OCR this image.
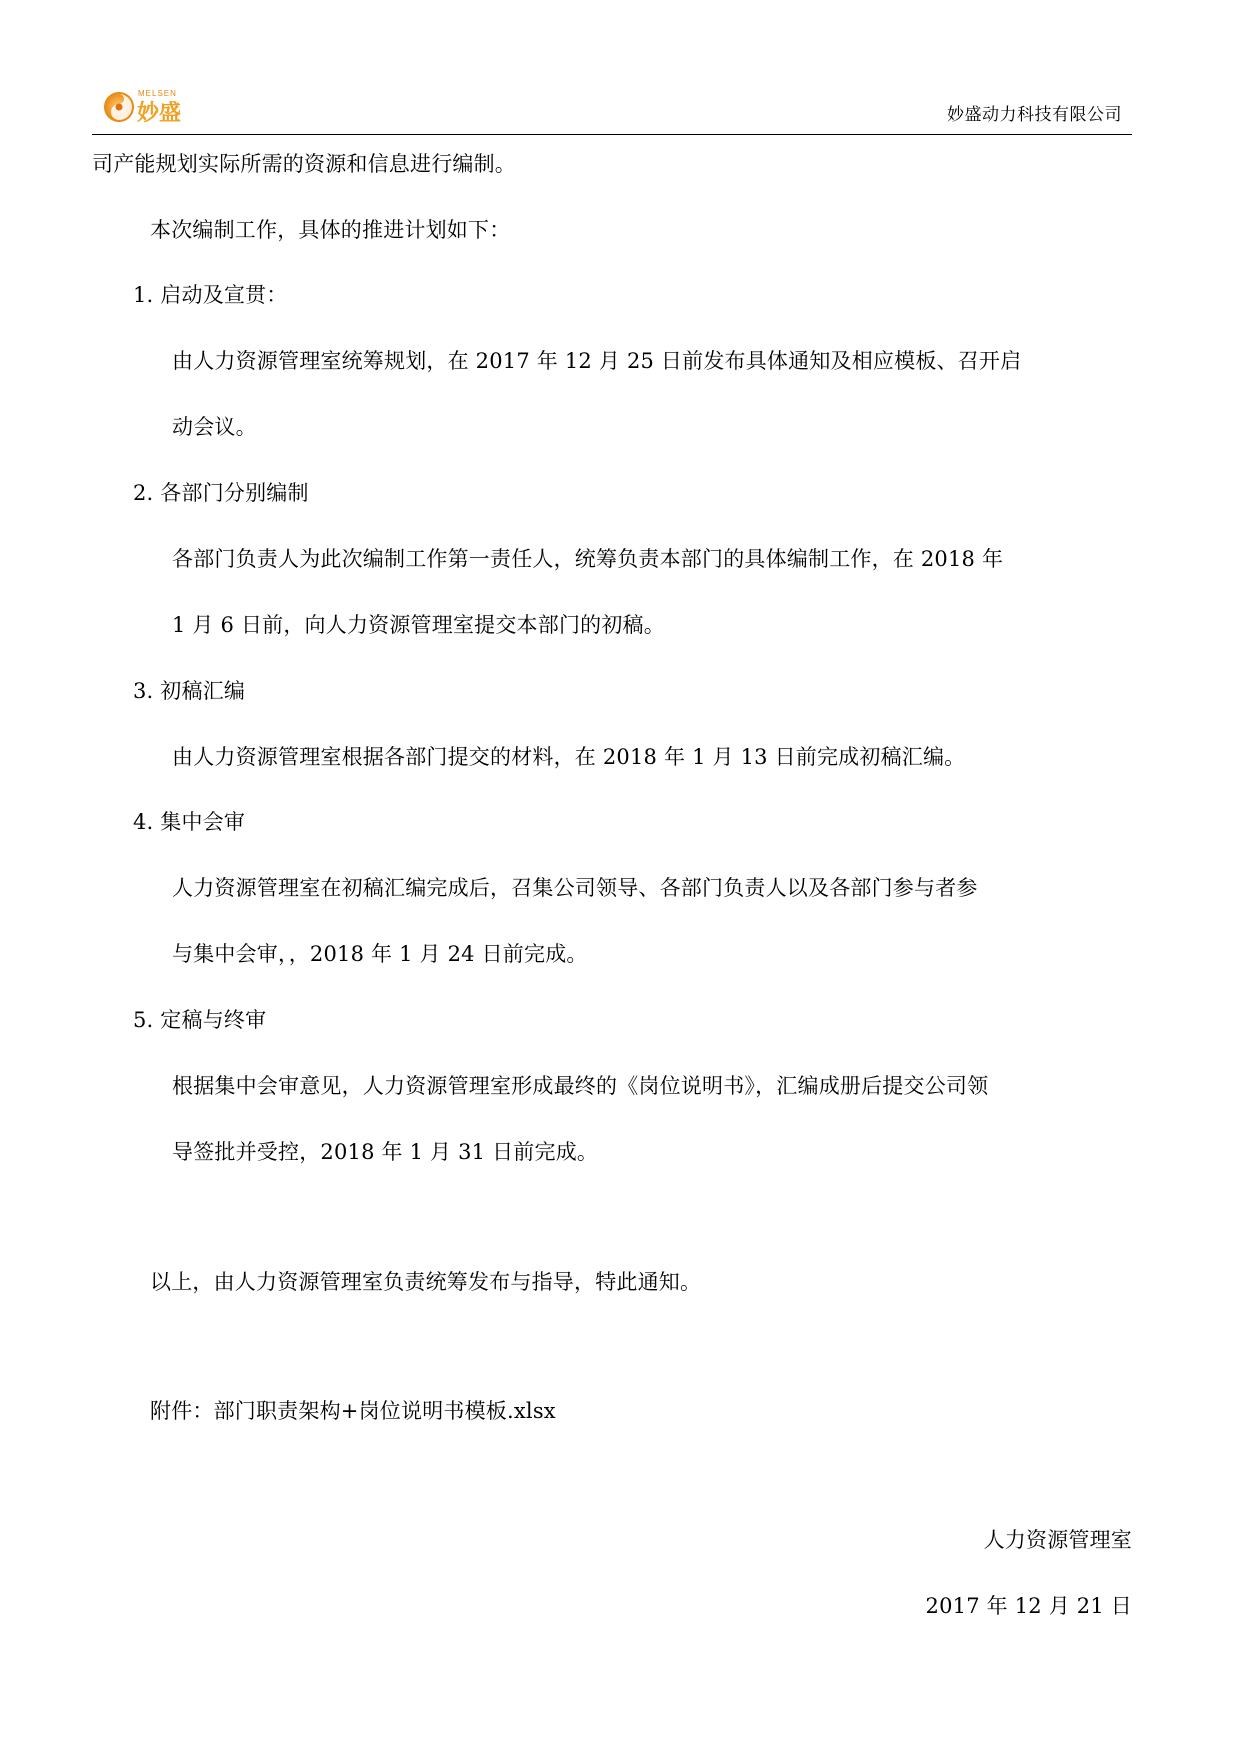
MELSEN
妙盛	妙盛动力科技有限公司
司产能规划实际所需的资源和信息进行编制。
本次编制工作，具体的推进计划如下：
1. 启动及宣贯：
由人力资源管理室统筹规划，在 2017 年 12 月 25 日前发布具体通知及相应模板、召开启
动会议。
2. 各部门分别编制
各部门负责人为此次编制工作第一责任人，统筹负责本部门的具体编制工作，在 2018 年
1 月 6 日前，向人力资源管理室提交本部门的初稿。
3. 初稿汇编
由人力资源管理室根据各部门提交的材料，在 2018 年 1 月 13 日前完成初稿汇编。
4. 集中会审
人力资源管理室在初稿汇编完成后，召集公司领导、各部门负责人以及各部门参与者参
与集中会审，，2018 年 1 月 24 日前完成。
5. 定稿与终审
根据集中会审意见，人力资源管理室形成最终的《岗位说明书》，汇编成册后提交公司领
导签批并受控，2018 年 1 月 31 日前完成。
以上，由人力资源管理室负责统筹发布与指导，特此通知。
附件：部门职责架构+岗位说明书模板.xlsx
人力资源管理室
2017 年 12 月 21 日
